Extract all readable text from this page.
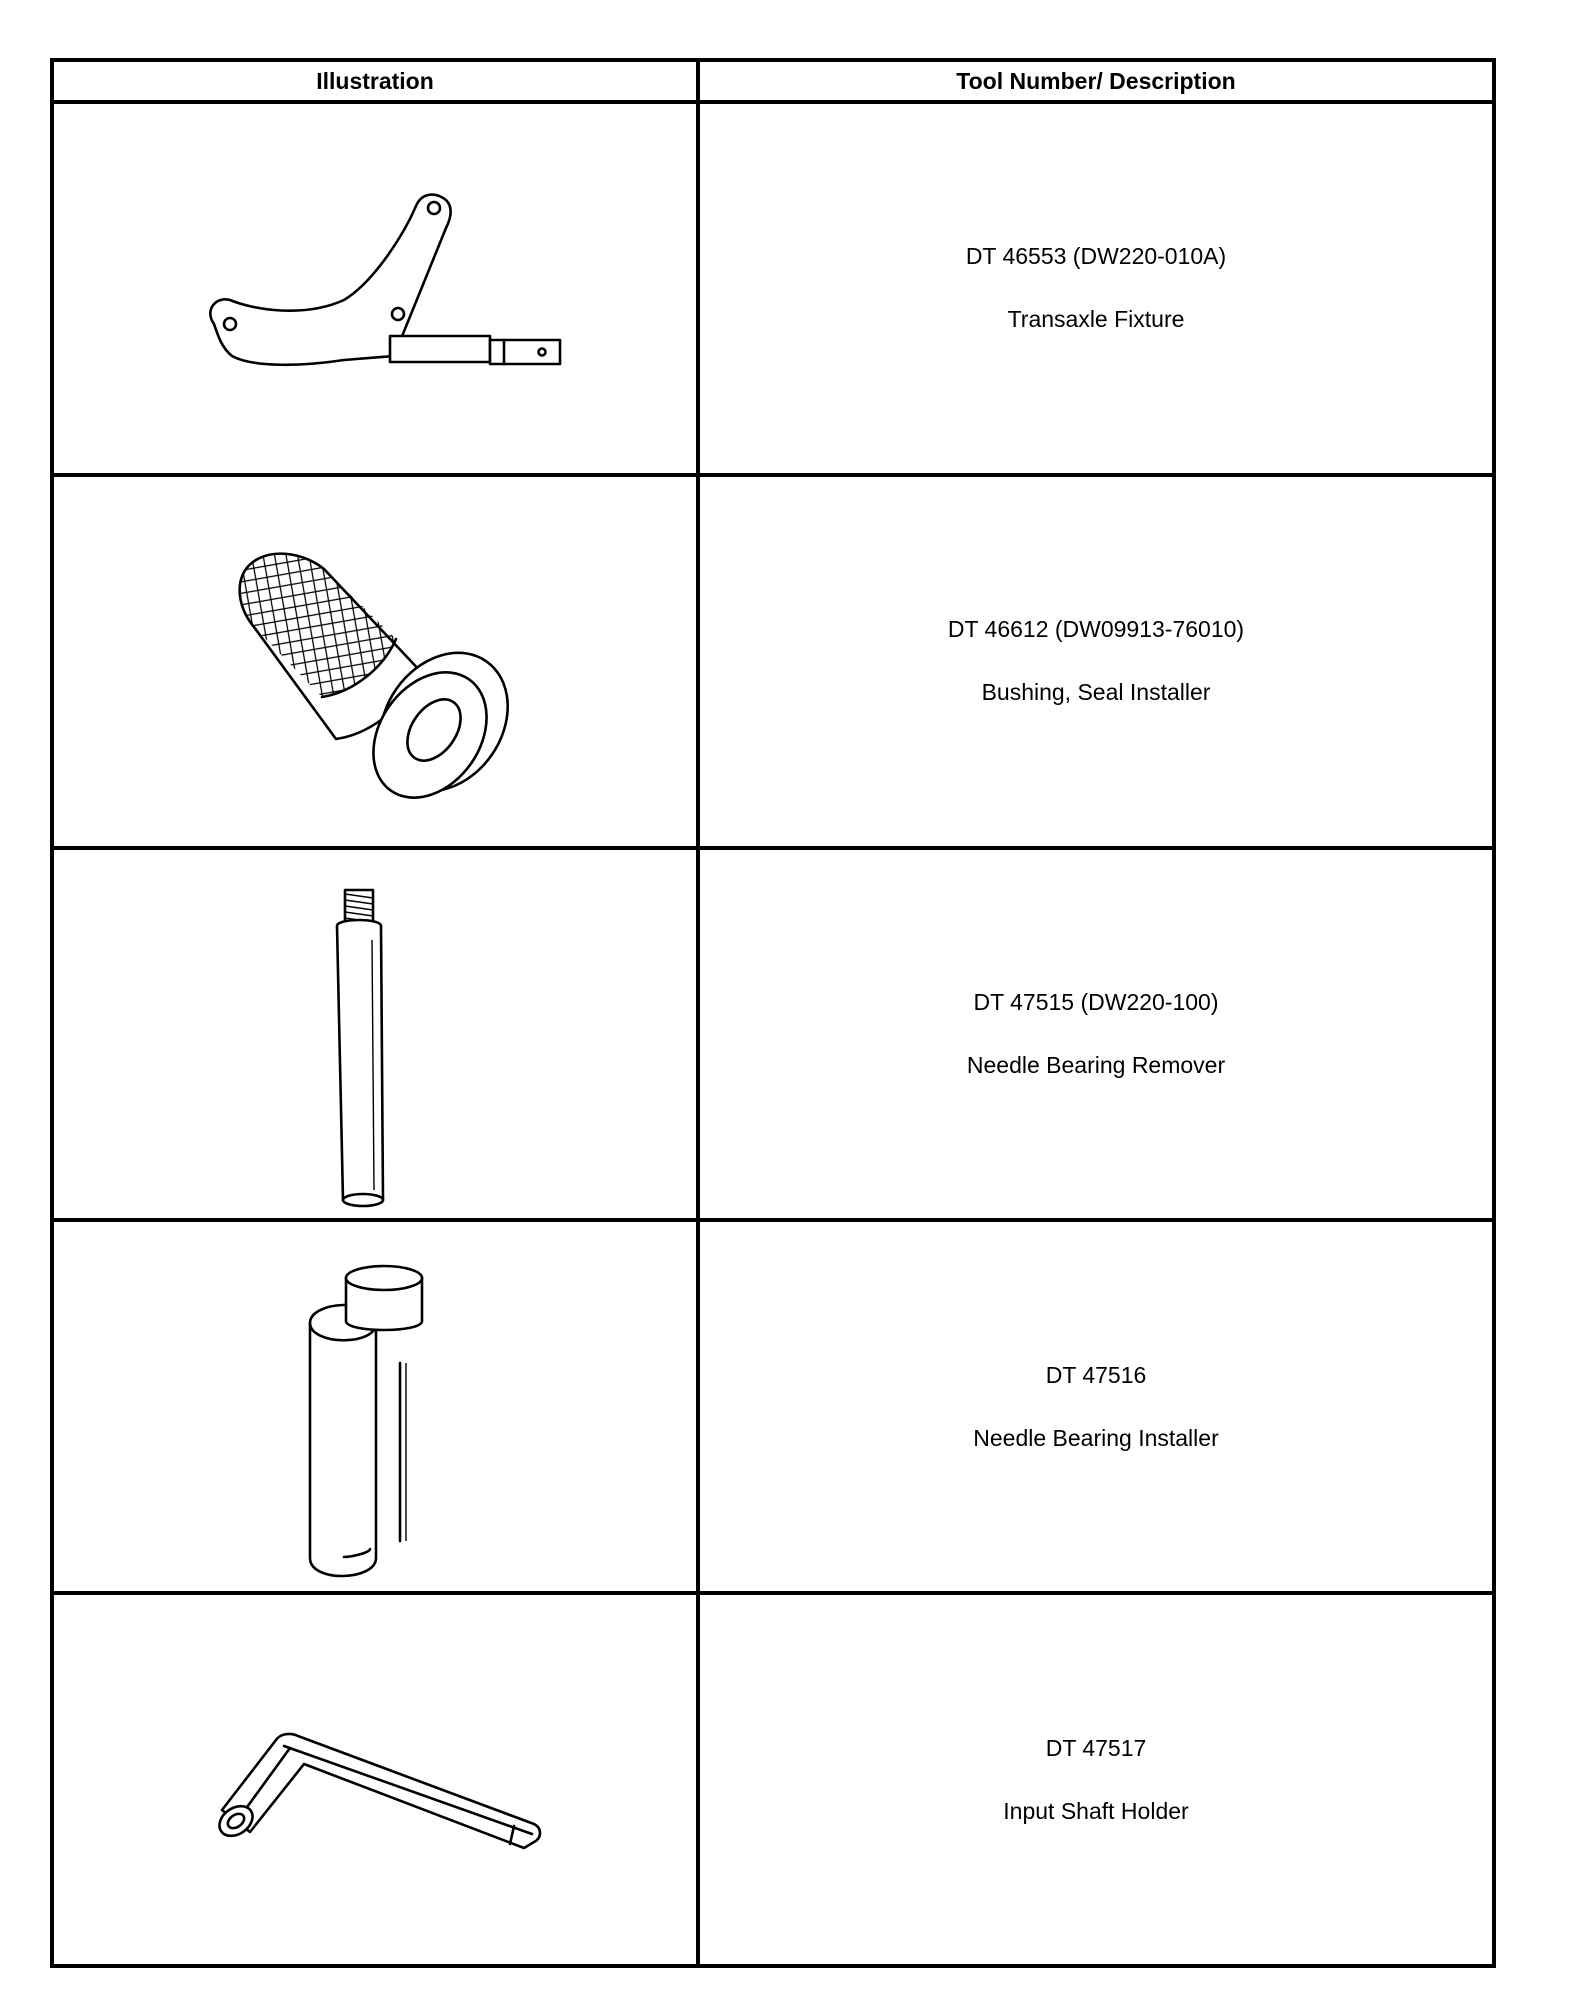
Illustration	Tool Number/ Description

DT 46553 (DW220-010A)
Transaxle Fixture

DT 46612 (DW09913-76010)
Bushing, Seal Installer

DT 47515 (DW220-100)
Needle Bearing Remover

DT 47516
Needle Bearing Installer

DT 47517
Input Shaft Holder
